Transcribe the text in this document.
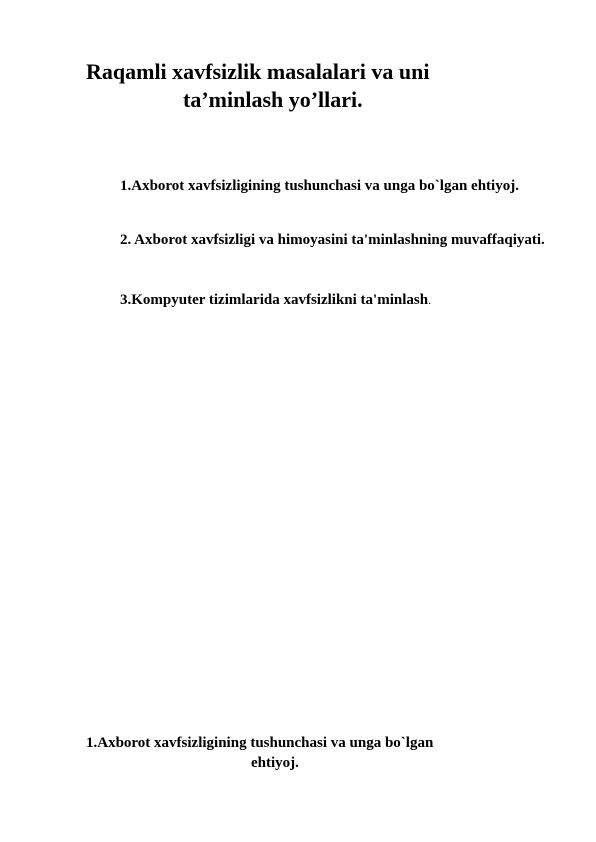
Raqamli xavfsizlik masalalari va uni
ta’minlash yo’llari.

1.Axborot xavfsizligining tushunchasi va unga bo`lgan ehtiyoj.

2. Axborot xavfsizligi va himoyasini ta'minlashning muvaffaqiyati.

3.Kompyuter tizimlarida xavfsizlikni ta'minlash.

1.Axborot xavfsizligining tushunchasi va unga bo`lgan
ehtiyoj.
